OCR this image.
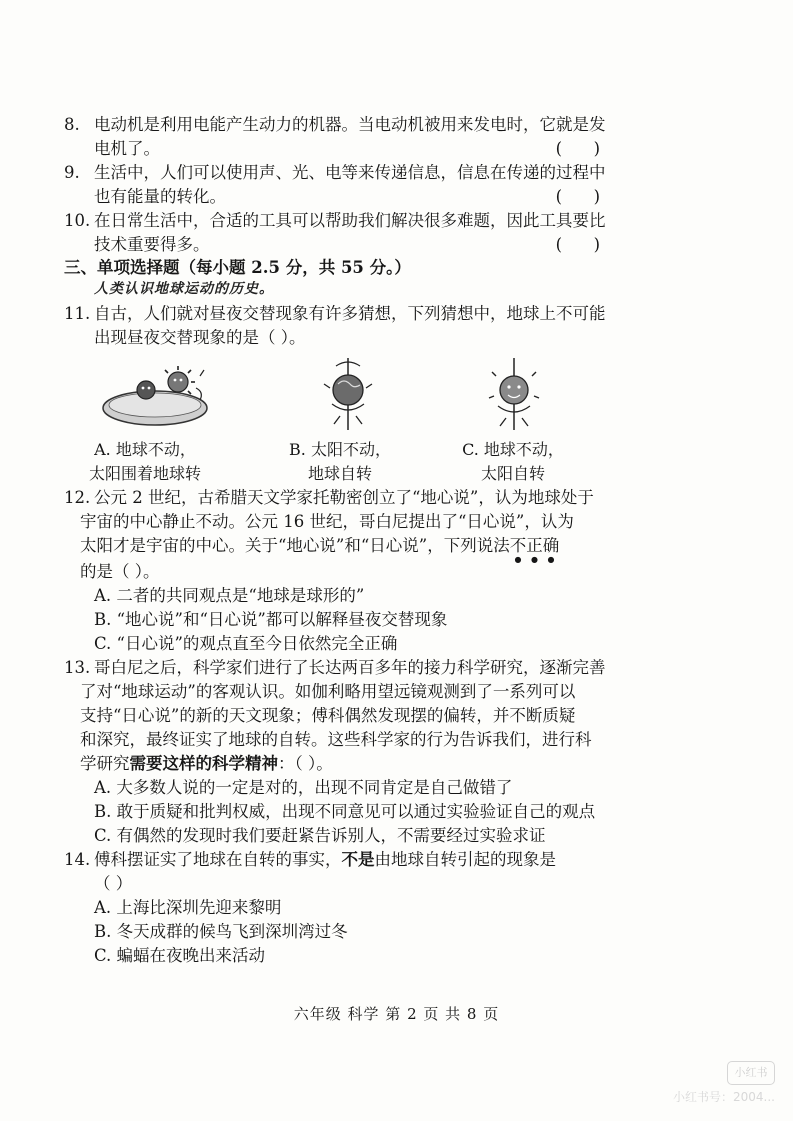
8. 电动机是利用电能产生动力的机器。当电动机被用来发电时，它就是发
电机了。	(      )
9. 生活中，人们可以使用声、光、电等来传递信息，信息在传递的过程中
也有能量的转化。	(      )
10. 在日常生活中，合适的工具可以帮助我们解决很多难题，因此工具要比
技术重要得多。	(      )
三、单项选择题（每小题 2.5 分，共 55 分。）
人类认识地球运动的历史。
11. 自古，人们就对昼夜交替现象有许多猜想，下列猜想中，地球上不可能
出现昼夜交替现象的是（ ）。
A. 地球不动，
太阳围着地球转
B. 太阳不动，
地球自转
C. 地球不动，
太阳自转
12. 公元 2 世纪，古希腊天文学家托勒密创立了“地心说”，认为地球处于
宇宙的中心静止不动。公元 16 世纪，哥白尼提出了“日心说”，认为
太阳才是宇宙的中心。关于“地心说”和“日心说”，下列说法不正确
的是（ ）。
A. 二者的共同观点是“地球是球形的”
B. “地心说”和“日心说”都可以解释昼夜交替现象
C. “日心说”的观点直至今日依然完全正确
13. 哥白尼之后，科学家们进行了长达两百多年的接力科学研究，逐渐完善
了对“地球运动”的客观认识。如伽利略用望远镜观测到了一系列可以
支持“日心说”的新的天文现象；傅科偶然发现摆的偏转，并不断质疑
和深究，最终证实了地球的自转。这些科学家的行为告诉我们，进行科
学研究需要这样的科学精神：（ ）。
A. 大多数人说的一定是对的，出现不同肯定是自己做错了
B. 敢于质疑和批判权威，出现不同意见可以通过实验验证自己的观点
C. 有偶然的发现时我们要赶紧告诉别人，不需要经过实验求证
14. 傅科摆证实了地球在自转的事实，不是由地球自转引起的现象是
（ ）
A. 上海比深圳先迎来黎明
B. 冬天成群的候鸟飞到深圳湾过冬
C. 蝙蝠在夜晚出来活动
六年级 科学 第 2 页 共 8 页
小红书
小红书号：2004...
